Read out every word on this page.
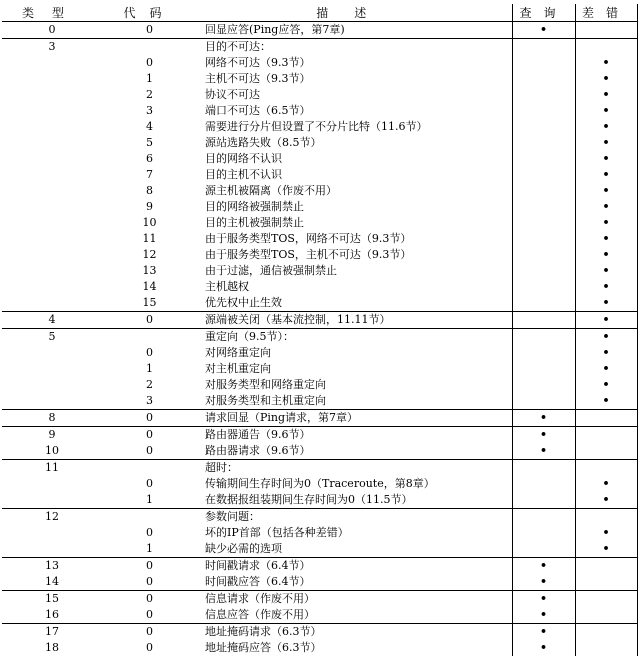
类型	代码	描述	查询	差错
0	0	回显应答(Ping应答，第7章)	•	
3		目的不可达：		
	0	网络不可达（9.3节）		•
	1	主机不可达（9.3节）		•
	2	协议不可达		•
	3	端口不可达（6.5节）		•
	4	需要进行分片但设置了不分片比特（11.6节）		•
	5	源站选路失败（8.5节）		•
	6	目的网络不认识		•
	7	目的主机不认识		•
	8	源主机被隔离（作废不用）		•
	9	目的网络被强制禁止		•
	10	目的主机被强制禁止		•
	11	由于服务类型TOS，网络不可达（9.3节）		•
	12	由于服务类型TOS，主机不可达（9.3节）		•
	13	由于过滤，通信被强制禁止		•
	14	主机越权		•
	15	优先权中止生效		•
4	0	源端被关闭（基本流控制，11.11节）		•
5		重定向（9.5节）：		•
	0	对网络重定向		•
	1	对主机重定向		•
	2	对服务类型和网络重定向		•
	3	对服务类型和主机重定向		•
8	0	请求回显（Ping请求，第7章）	•	
9	0	路由器通告（9.6节）	•	
10	0	路由器请求（9.6节）	•	
11		超时：		
	0	传输期间生存时间为0（Traceroute，第8章）		•
	1	在数据报组装期间生存时间为0（11.5节）		•
12		参数问题：		
	0	坏的IP首部（包括各种差错）		•
	1	缺少必需的选项		•
13	0	时间戳请求（6.4节）	•	
14	0	时间戳应答（6.4节）	•	
15	0	信息请求（作废不用）	•	
16	0	信息应答（作废不用）	•	
17	0	地址掩码请求（6.3节）	•	
18	0	地址掩码应答（6.3节）	•	
